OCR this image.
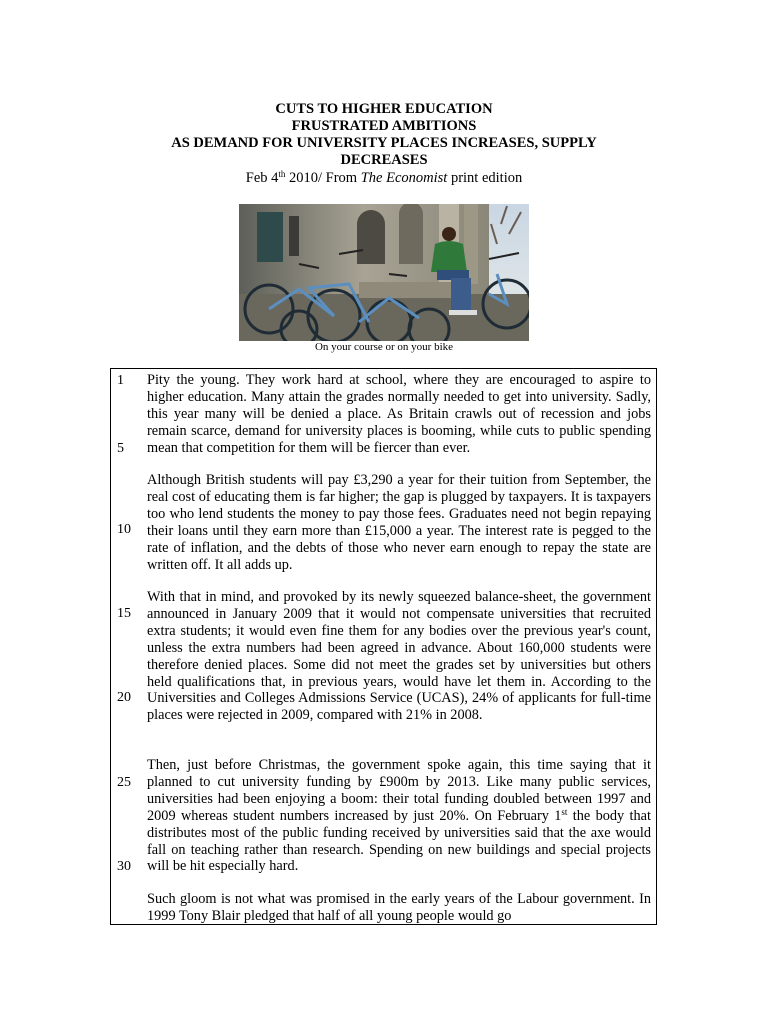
CUTS TO HIGHER EDUCATION
FRUSTRATED AMBITIONS
AS DEMAND FOR UNIVERSITY PLACES INCREASES, SUPPLY
DECREASES
Feb 4th 2010/ From The Economist print edition
On your course or on your bike
1
5
10
15
20
25
30

Pity the young. They work hard at school, where they are encouraged to aspire to higher education. Many attain the grades normally needed to get into university. Sadly, this year many will be denied a place. As Britain crawls out of recession and jobs remain scarce, demand for university places is booming, while cuts to public spending mean that competition for them will be fiercer than ever.

Although British students will pay £3,290 a year for their tuition from September, the real cost of educating them is far higher; the gap is plugged by taxpayers. It is taxpayers too who lend students the money to pay those fees. Graduates need not begin repaying their loans until they earn more than £15,000 a year. The interest rate is pegged to the rate of inflation, and the debts of those who never earn enough to repay the state are written off. It all adds up.

With that in mind, and provoked by its newly squeezed balance-sheet, the government announced in January 2009 that it would not compensate universities that recruited extra students; it would even fine them for any bodies over the previous year's count, unless the extra numbers had been agreed in advance. About 160,000 students were therefore denied places. Some did not meet the grades set by universities but others held qualifications that, in previous years, would have let them in. According to the Universities and Colleges Admissions Service (UCAS), 24% of applicants for full-time places were rejected in 2009, compared with 21% in 2008.

Then, just before Christmas, the government spoke again, this time saying that it planned to cut university funding by £900m by 2013. Like many public services, universities had been enjoying a boom: their total funding doubled between 1997 and 2009 whereas student numbers increased by just 20%. On February 1st the body that distributes most of the public funding received by universities said that the axe would fall on teaching rather than research. Spending on new buildings and special projects will be hit especially hard.

Such gloom is not what was promised in the early years of the Labour government. In 1999 Tony Blair pledged that half of all young people would go
